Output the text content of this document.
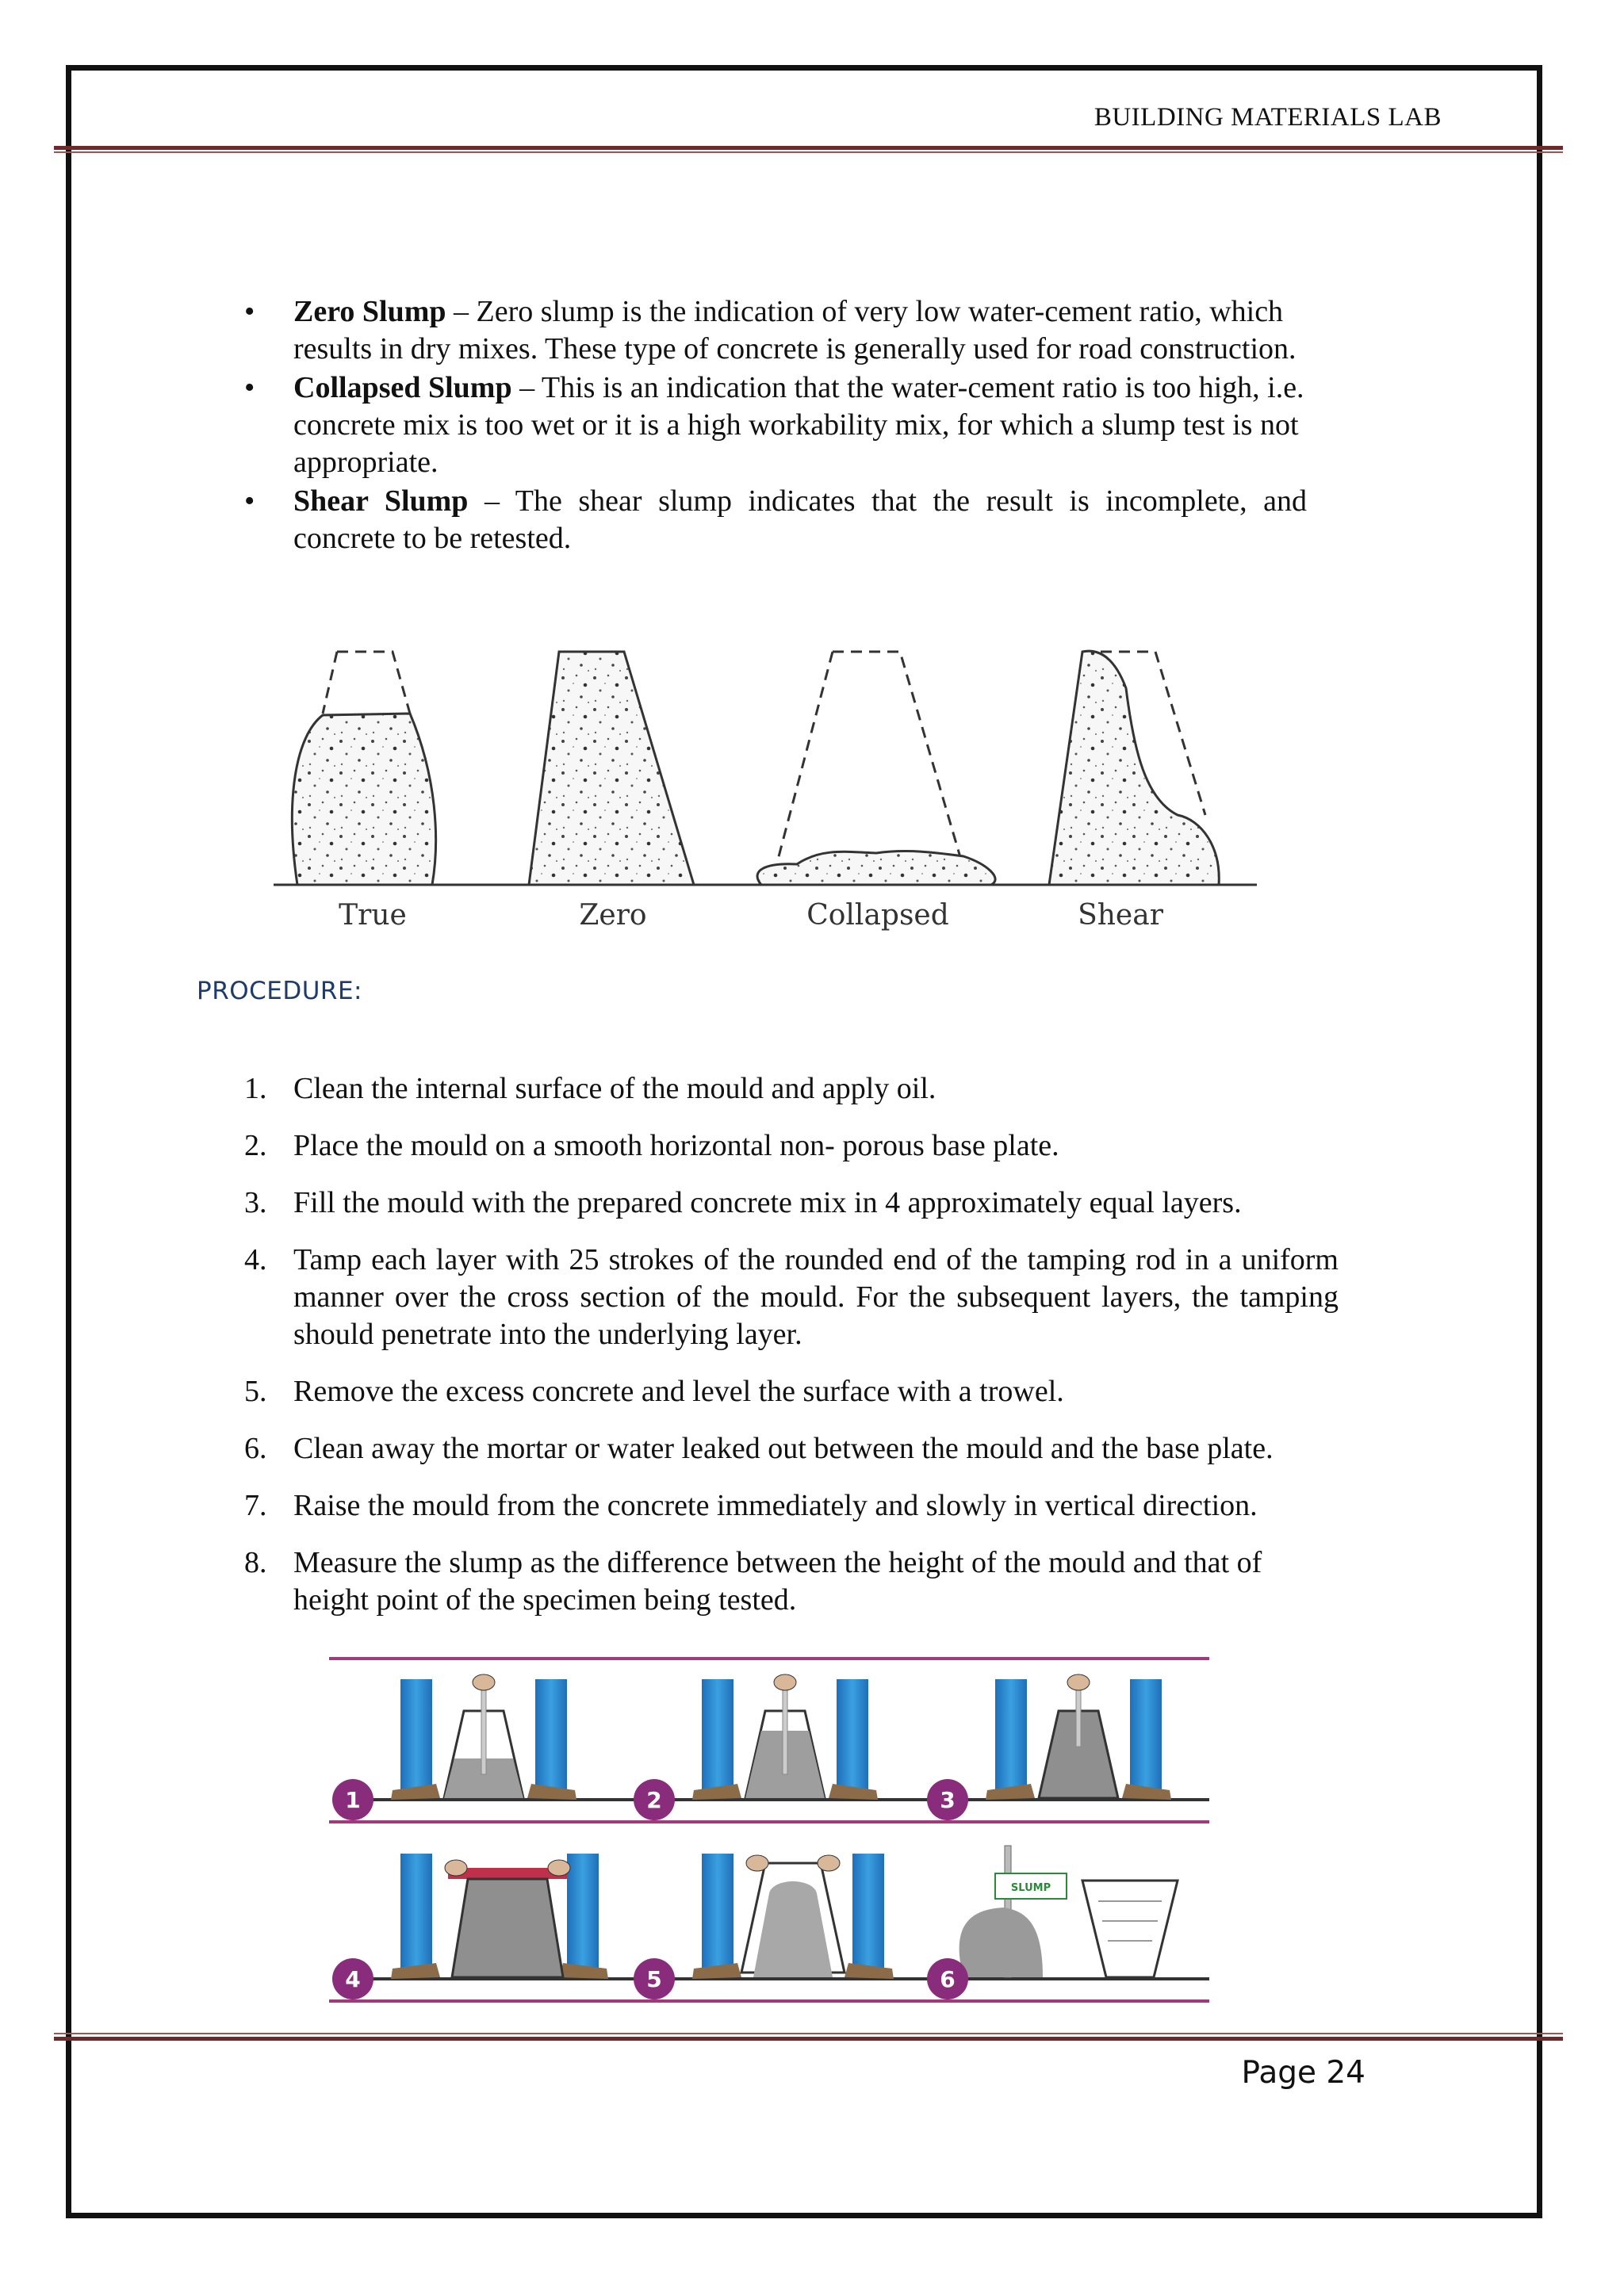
BUILDING MATERIALS LAB
• Zero Slump – Zero slump is the indication of very low water-cement ratio, which results in dry mixes. These type of concrete is generally used for road construction.
• Collapsed Slump – This is an indication that the water-cement ratio is too high, i.e. concrete mix is too wet or it is a high workability mix, for which a slump test is not appropriate.
• Shear Slump – The shear slump indicates that the result is incomplete, and concrete to be retested.
True	Zero	Collapsed	Shear
PROCEDURE:
1. Clean the internal surface of the mould and apply oil.
2. Place the mould on a smooth horizontal non- porous base plate.
3. Fill the mould with the prepared concrete mix in 4 approximately equal layers.
4. Tamp each layer with 25 strokes of the rounded end of the tamping rod in a uniform manner over the cross section of the mould. For the subsequent layers, the tamping should penetrate into the underlying layer.
5. Remove the excess concrete and level the surface with a trowel.
6. Clean away the mortar or water leaked out between the mould and the base plate.
7. Raise the mould from the concrete immediately and slowly in vertical direction.
8. Measure the slump as the difference between the height of the mould and that of height point of the specimen being tested.
SLUMP
1	2	3
4	5	6
Page 24
